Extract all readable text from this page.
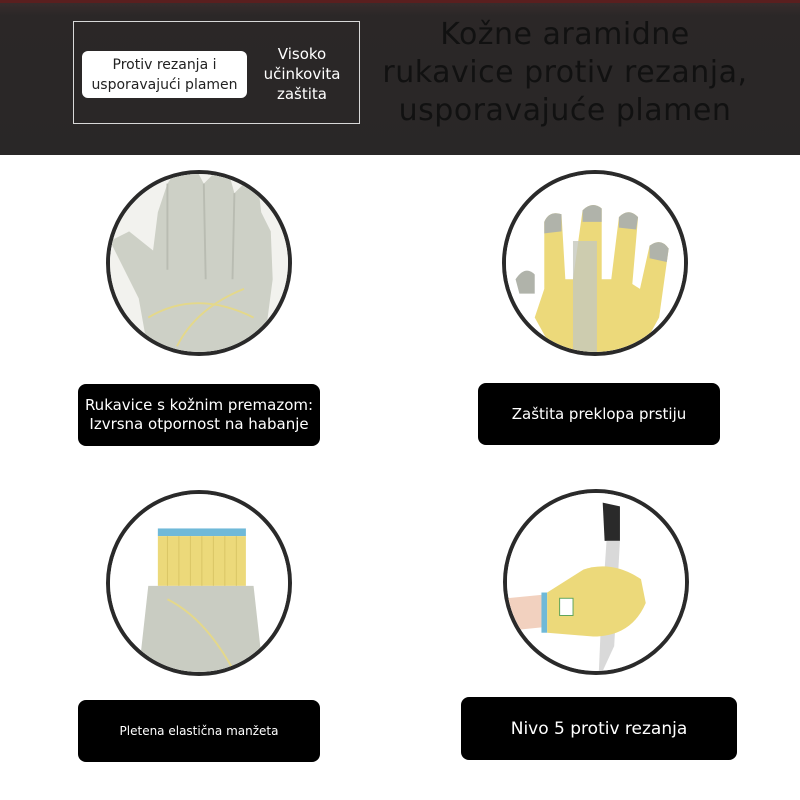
Protiv rezanja i usporavajući plamen
Visoko učinkovita zaštita
Kožne aramidne rukavice protiv rezanja, usporavajuće plamen
Rukavice s kožnim premazom: Izvrsna otpornost na habanje
Zaštita preklopa prstiju
Pletena elastična manžeta	Nivo 5 protiv rezanja
